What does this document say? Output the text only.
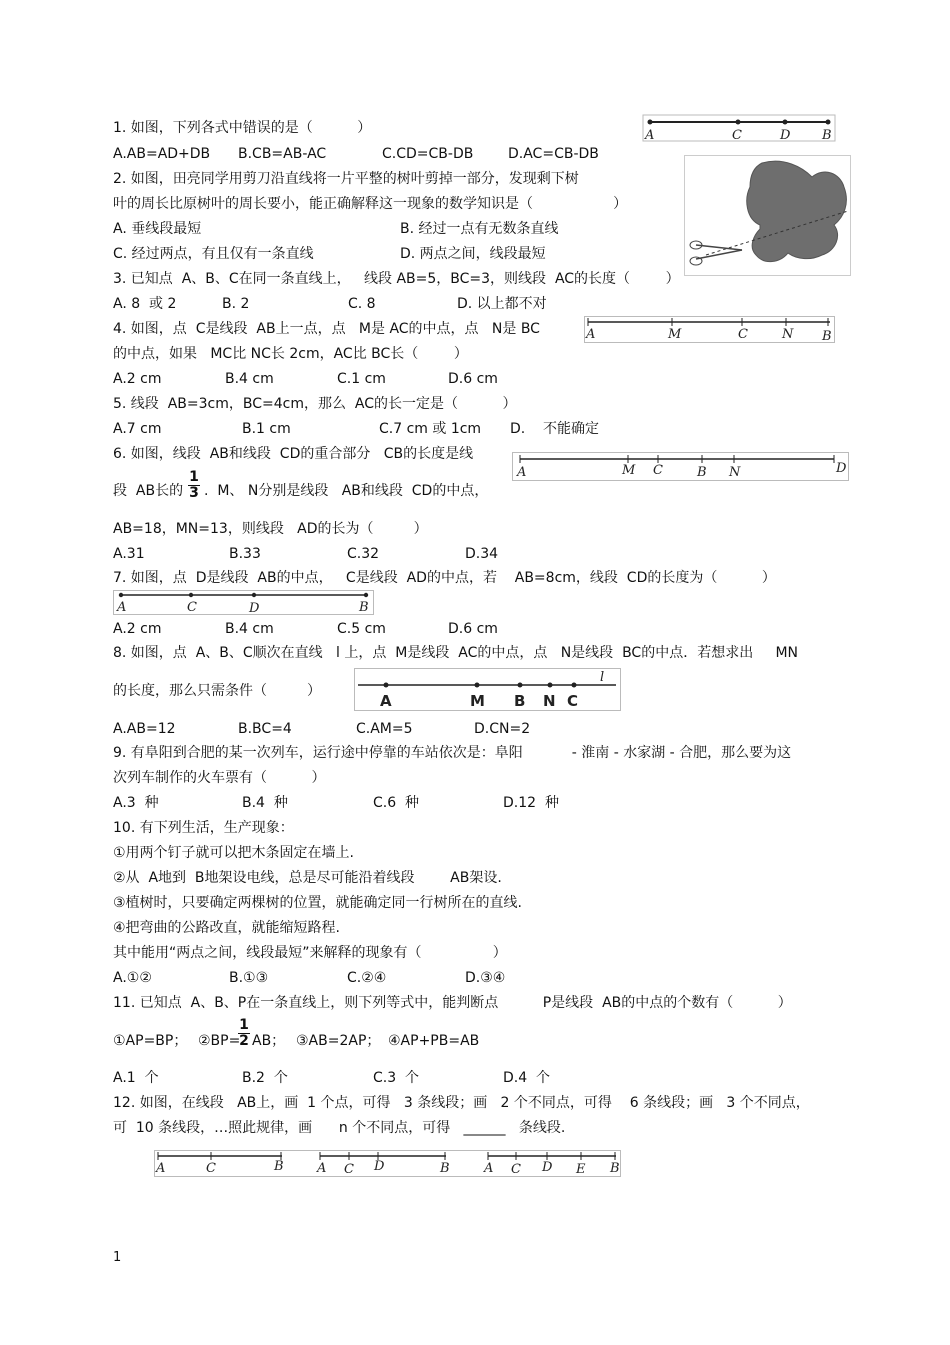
1. 如图，下列各式中错误的是（          ）
A.AB=AD+DB B.CB=AB-AC	C.CD=CB-DB D.AC=CB-DB
A	C	D B
2. 如图，田亮同学用剪刀沿直线将一片平整的树叶剪掉一部分，发现剩下树
叶的周长比原树叶的周长要小，能正确解释这一现象的数学知识是（                  ）
A. 垂线段最短	B. 经过一点有无数条直线
C. 经过两点，有且仅有一条直线	D. 两点之间，线段最短
3. 已知点  A、B、C在同一条直线上，   线段 AB=5，BC=3，则线段  AC的长度（        ）
A. 8  或 2	B. 2	C. 8	D. 以上都不对
4. 如图，点  C是线段  AB上一点，点   M是 AC的中点，点   N是 BC
的中点，如果   MC比 NC长 2cm，AC比 BC长（        ）
A.2 cm	B.4 cm	C.1 cm	D.6 cm
A	M	C	N B
5. 线段  AB=3cm，BC=4cm，那么  AC的长一定是（          ）
A.7 cm	B.1 cm	C.7 cm 或 1cm D.    不能确定
6. 如图，线段  AB和线段  CD的重合部分   CB的长度是线
段  AB长的
1
3 .  M、 N分别是线段   AB和线段  CD的中点，
AB=18，MN=13，则线段   AD的长为（         ）
A.31	B.33	C.32	D.34
A	M C	B N	D
7. 如图，点  D是线段  AB的中点，   C是线段  AD的中点，若    AB=8cm，线段  CD的长度为（          ）
A	C	D	B
A.2 cm	B.4 cm	C.5 cm	D.6 cm
8. 如图，点  A、B、C顺次在直线   l 上，点  M是线段  AC的中点，点   N是线段  BC的中点．若想求出     MN
的长度，那么只需条件（         ）
A	M B N C
l
A.AB=12	B.BC=4	C.AM=5	D.CN=2
9. 有阜阳到合肥的某一次列车，运行途中停靠的车站依次是：阜阳           - 淮南 - 水家湖 - 合肥，那么要为这
次列车制作的火车票有（          ）
A.3  种	B.4  种	C.6  种	D.12  种
10. 有下列生活，生产现象：
①用两个钉子就可以把木条固定在墙上.
②从  A地到  B地架设电线，总是尽可能沿着线段        AB架设.
③植树时，只要确定两棵树的位置，就能确定同一行树所在的直线.
④把弯曲的公路改直，就能缩短路程.
其中能用“两点之间，线段最短”来解释的现象有（                ）
A.①②	B.①③	C.②④	D.③④
11. 已知点  A、B、P在一条直线上，则下列等式中，能判断点          P是线段  AB的中点的个数有（          ）
①AP=BP； ②BP=
1
2 AB； ③AB=2AP； ④AP+PB=AB
A.1  个	B.2  个	C.3  个	D.4  个
12. 如图，在线段   AB上，画  1 个点，可得   3 条线段；画   2 个不同点，可得    6 条线段；画   3 个不同点，
可  10 条线段，…照此规律，画      n 个不同点，可得   ______   条线段.
A	C	B	A C D	B	A C D E B
1
